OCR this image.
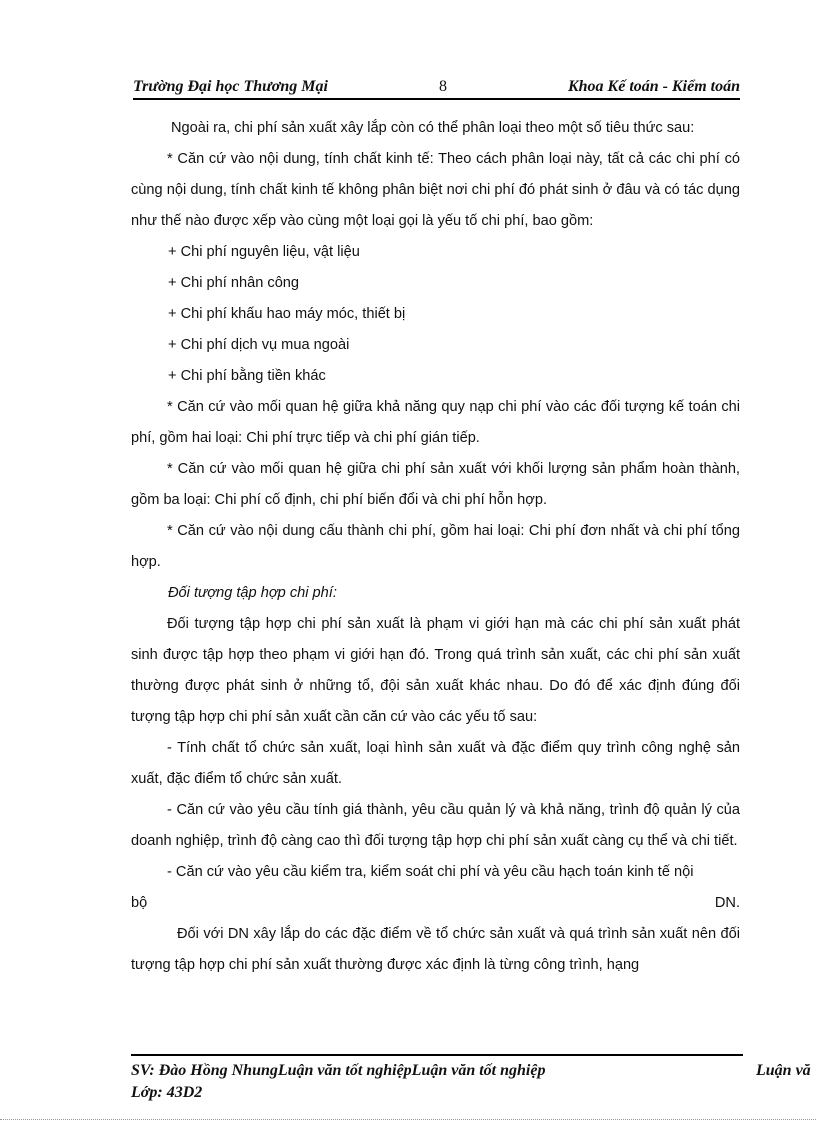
Trường Đại học Thương Mại	8	Khoa Kế toán - Kiểm toán

Ngoài ra, chi phí sản xuất xây lắp còn có thể phân loại theo một số tiêu thức sau:

* Căn cứ vào nội dung, tính chất kinh tế: Theo cách phân loại này, tất cả các chi phí có cùng nội dung, tính chất kinh tế không phân biệt nơi chi phí đó phát sinh ở đâu và có tác dụng như thế nào được xếp vào cùng một loại gọi là yếu tố chi phí, bao gồm:

+ Chi phí nguyên liệu, vật liệu

+ Chi phí nhân công

+ Chi phí khấu hao máy móc, thiết bị

+ Chi phí dịch vụ mua ngoài

+ Chi phí bằng tiền khác

* Căn cứ vào mối quan hệ giữa khả năng quy nạp chi phí vào các đối tượng kế toán chi phí, gồm hai loại: Chi phí trực tiếp và chi phí gián tiếp.

* Căn cứ vào mối quan hệ giữa chi phí sản xuất với khối lượng sản phẩm hoàn thành, gồm ba loại: Chi phí cố định, chi phí biến đổi và chi phí hỗn hợp.

* Căn cứ vào nội dung cấu thành chi phí, gồm hai loại: Chi phí đơn nhất và chi phí tổng hợp.

Đối tượng tập hợp chi phí:

Đối tượng tập hợp chi phí sản xuất là phạm vi giới hạn mà các chi phí sản xuất phát sinh được tập hợp theo phạm vi giới hạn đó. Trong quá trình sản xuất, các chi phí sản xuất thường được phát sinh ở những tổ, đội sản xuất khác nhau. Do đó để xác định đúng đối tượng tập hợp chi phí sản xuất cần căn cứ vào các yếu tố sau:

- Tính chất tổ chức sản xuất, loại hình sản xuất và đặc điểm quy trình công nghệ sản xuất, đặc điểm tổ chức sản xuất.

- Căn cứ vào yêu cầu tính giá thành, yêu cầu quản lý và khả năng, trình độ quản lý của doanh nghiệp, trình độ càng cao thì đối tượng tập hợp chi phí sản xuất càng cụ thể và chi tiết.

- Căn cứ vào yêu cầu kiểm tra, kiểm soát chi phí và yêu cầu hạch toán kinh tế nội

bộ	DN.

Đối với DN xây lắp do các đặc điểm về tổ chức sản xuất và quá trình sản xuất nên đối tượng tập hợp chi phí sản xuất thường được xác định là từng công trình, hạng

SV: Đào Hồng NhungLuận văn tốt nghiệpLuận văn tốt nghiệp
Lớp: 43D2
Luận vă
